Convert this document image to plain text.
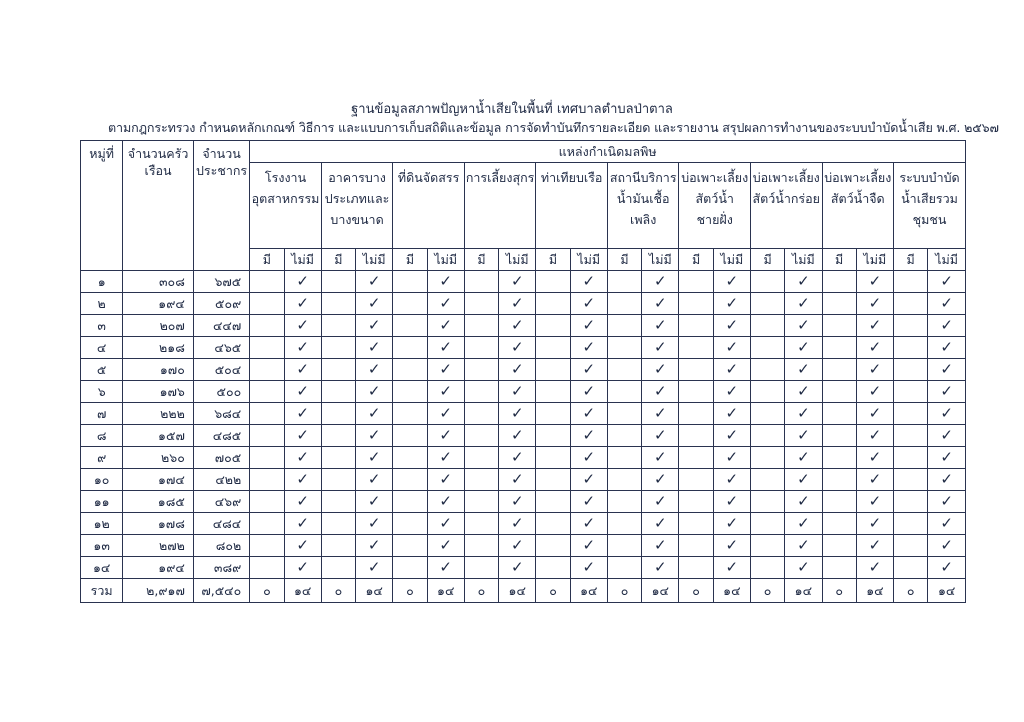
ฐานข้อมูลสภาพปัญหาน้ำเสียในพื้นที่ เทศบาลตำบลป่าตาล
ตามกฎกระทรวง กำหนดหลักเกณฑ์ วิธีการ และแบบการเก็บสถิติและข้อมูล การจัดทำบันทึกรายละเอียด และรายงาน สรุปผลการทำงานของระบบบำบัดน้ำเสีย พ.ศ. ๒๕๖๗
หมู่ที่	จำนวนครัวเรือน	จำนวนประชากร	แหล่งกำเนิดมลพิษ																			
			โรงงานอุตสาหกรรม		อาคารบางประเภทและบางขนาด		ที่ดินจัดสรร		การเลี้ยงสุกร		ท่าเทียบเรือ		สถานีบริการน้ำมันเชื้อเพลิง		บ่อเพาะเลี้ยงสัตว์น้ำชายฝั่ง		บ่อเพาะเลี้ยงสัตว์น้ำกร่อย		บ่อเพาะเลี้ยงสัตว์น้ำจืด		ระบบบำบัดน้ำเสียรวมชุมชน	
			มี	ไม่มี	มี	ไม่มี	มี	ไม่มี	มี	ไม่มี	มี	ไม่มี	มี	ไม่มี	มี	ไม่มี	มี	ไม่มี	มี	ไม่มี	มี	ไม่มี
๑	๓๐๘	๖๗๕		✓		✓		✓		✓		✓		✓		✓		✓		✓		✓
๒	๑๙๔	๕๐๙		✓		✓		✓		✓		✓		✓		✓		✓		✓		✓
๓	๒๐๗	๔๔๗		✓		✓		✓		✓		✓		✓		✓		✓		✓		✓
๔	๒๑๘	๔๖๕		✓		✓		✓		✓		✓		✓		✓		✓		✓		✓
๕	๑๗๐	๕๐๔		✓		✓		✓		✓		✓		✓		✓		✓		✓		✓
๖	๑๗๖	๕๐๐		✓		✓		✓		✓		✓		✓		✓		✓		✓		✓
๗	๒๒๒	๖๘๔		✓		✓		✓		✓		✓		✓		✓		✓		✓		✓
๘	๑๕๗	๔๘๕		✓		✓		✓		✓		✓		✓		✓		✓		✓		✓
๙	๒๖๐	๗๐๕		✓		✓		✓		✓		✓		✓		✓		✓		✓		✓
๑๐	๑๗๔	๔๒๒		✓		✓		✓		✓		✓		✓		✓		✓		✓		✓
๑๑	๑๘๕	๔๖๙		✓		✓		✓		✓		✓		✓		✓		✓		✓		✓
๑๒	๑๗๘	๔๘๔		✓		✓		✓		✓		✓		✓		✓		✓		✓		✓
๑๓	๒๗๒	๘๐๒		✓		✓		✓		✓		✓		✓		✓		✓		✓		✓
๑๔	๑๙๔	๓๘๙		✓		✓		✓		✓		✓		✓		✓		✓		✓		✓
รวม	๒,๙๑๗	๗,๕๔๐	๐	๑๔	๐	๑๔	๐	๑๔	๐	๑๔	๐	๑๔	๐	๑๔	๐	๑๔	๐	๑๔	๐	๑๔	๐	๑๔
